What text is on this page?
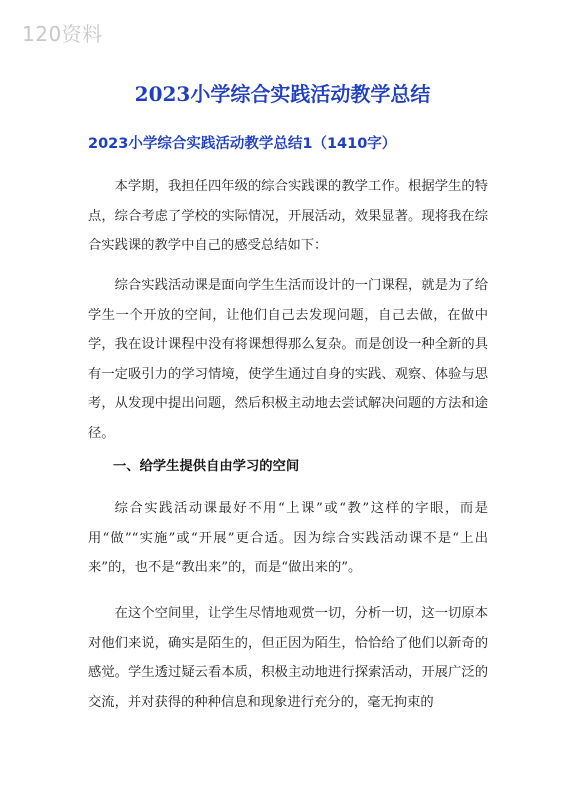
120资料
2023小学综合实践活动教学总结
2023小学综合实践活动教学总结1（1410字）

本学期，我担任四年级的综合实践课的教学工作。根据学生的特点，综合考虑了学校的实际情况，开展活动，效果显著。现将我在综合实践课的教学中自己的感受总结如下：

综合实践活动课是面向学生生活而设计的一门课程，就是为了给学生一个开放的空间，让他们自己去发现问题，自己去做，在做中学，我在设计课程中没有将课想得那么复杂。而是创设一种全新的具有一定吸引力的学习情境，使学生通过自身的实践、观察、体验与思考，从发现中提出问题，然后积极主动地去尝试解决问题的方法和途径。

一、给学生提供自由学习的空间

综合实践活动课最好不用“上课”或“教”这样的字眼，而是用“做”“实施”或“开展”更合适。因为综合实践活动课不是“上出来”的，也不是“教出来”的，而是“做出来的”。

在这个空间里，让学生尽情地观赏一切，分析一切，这一切原本对他们来说，确实是陌生的，但正因为陌生，恰恰给了他们以新奇的感觉。学生透过疑云看本质，积极主动地进行探索活动，开展广泛的交流，并对获得的种种信息和现象进行充分的，毫无拘束的
